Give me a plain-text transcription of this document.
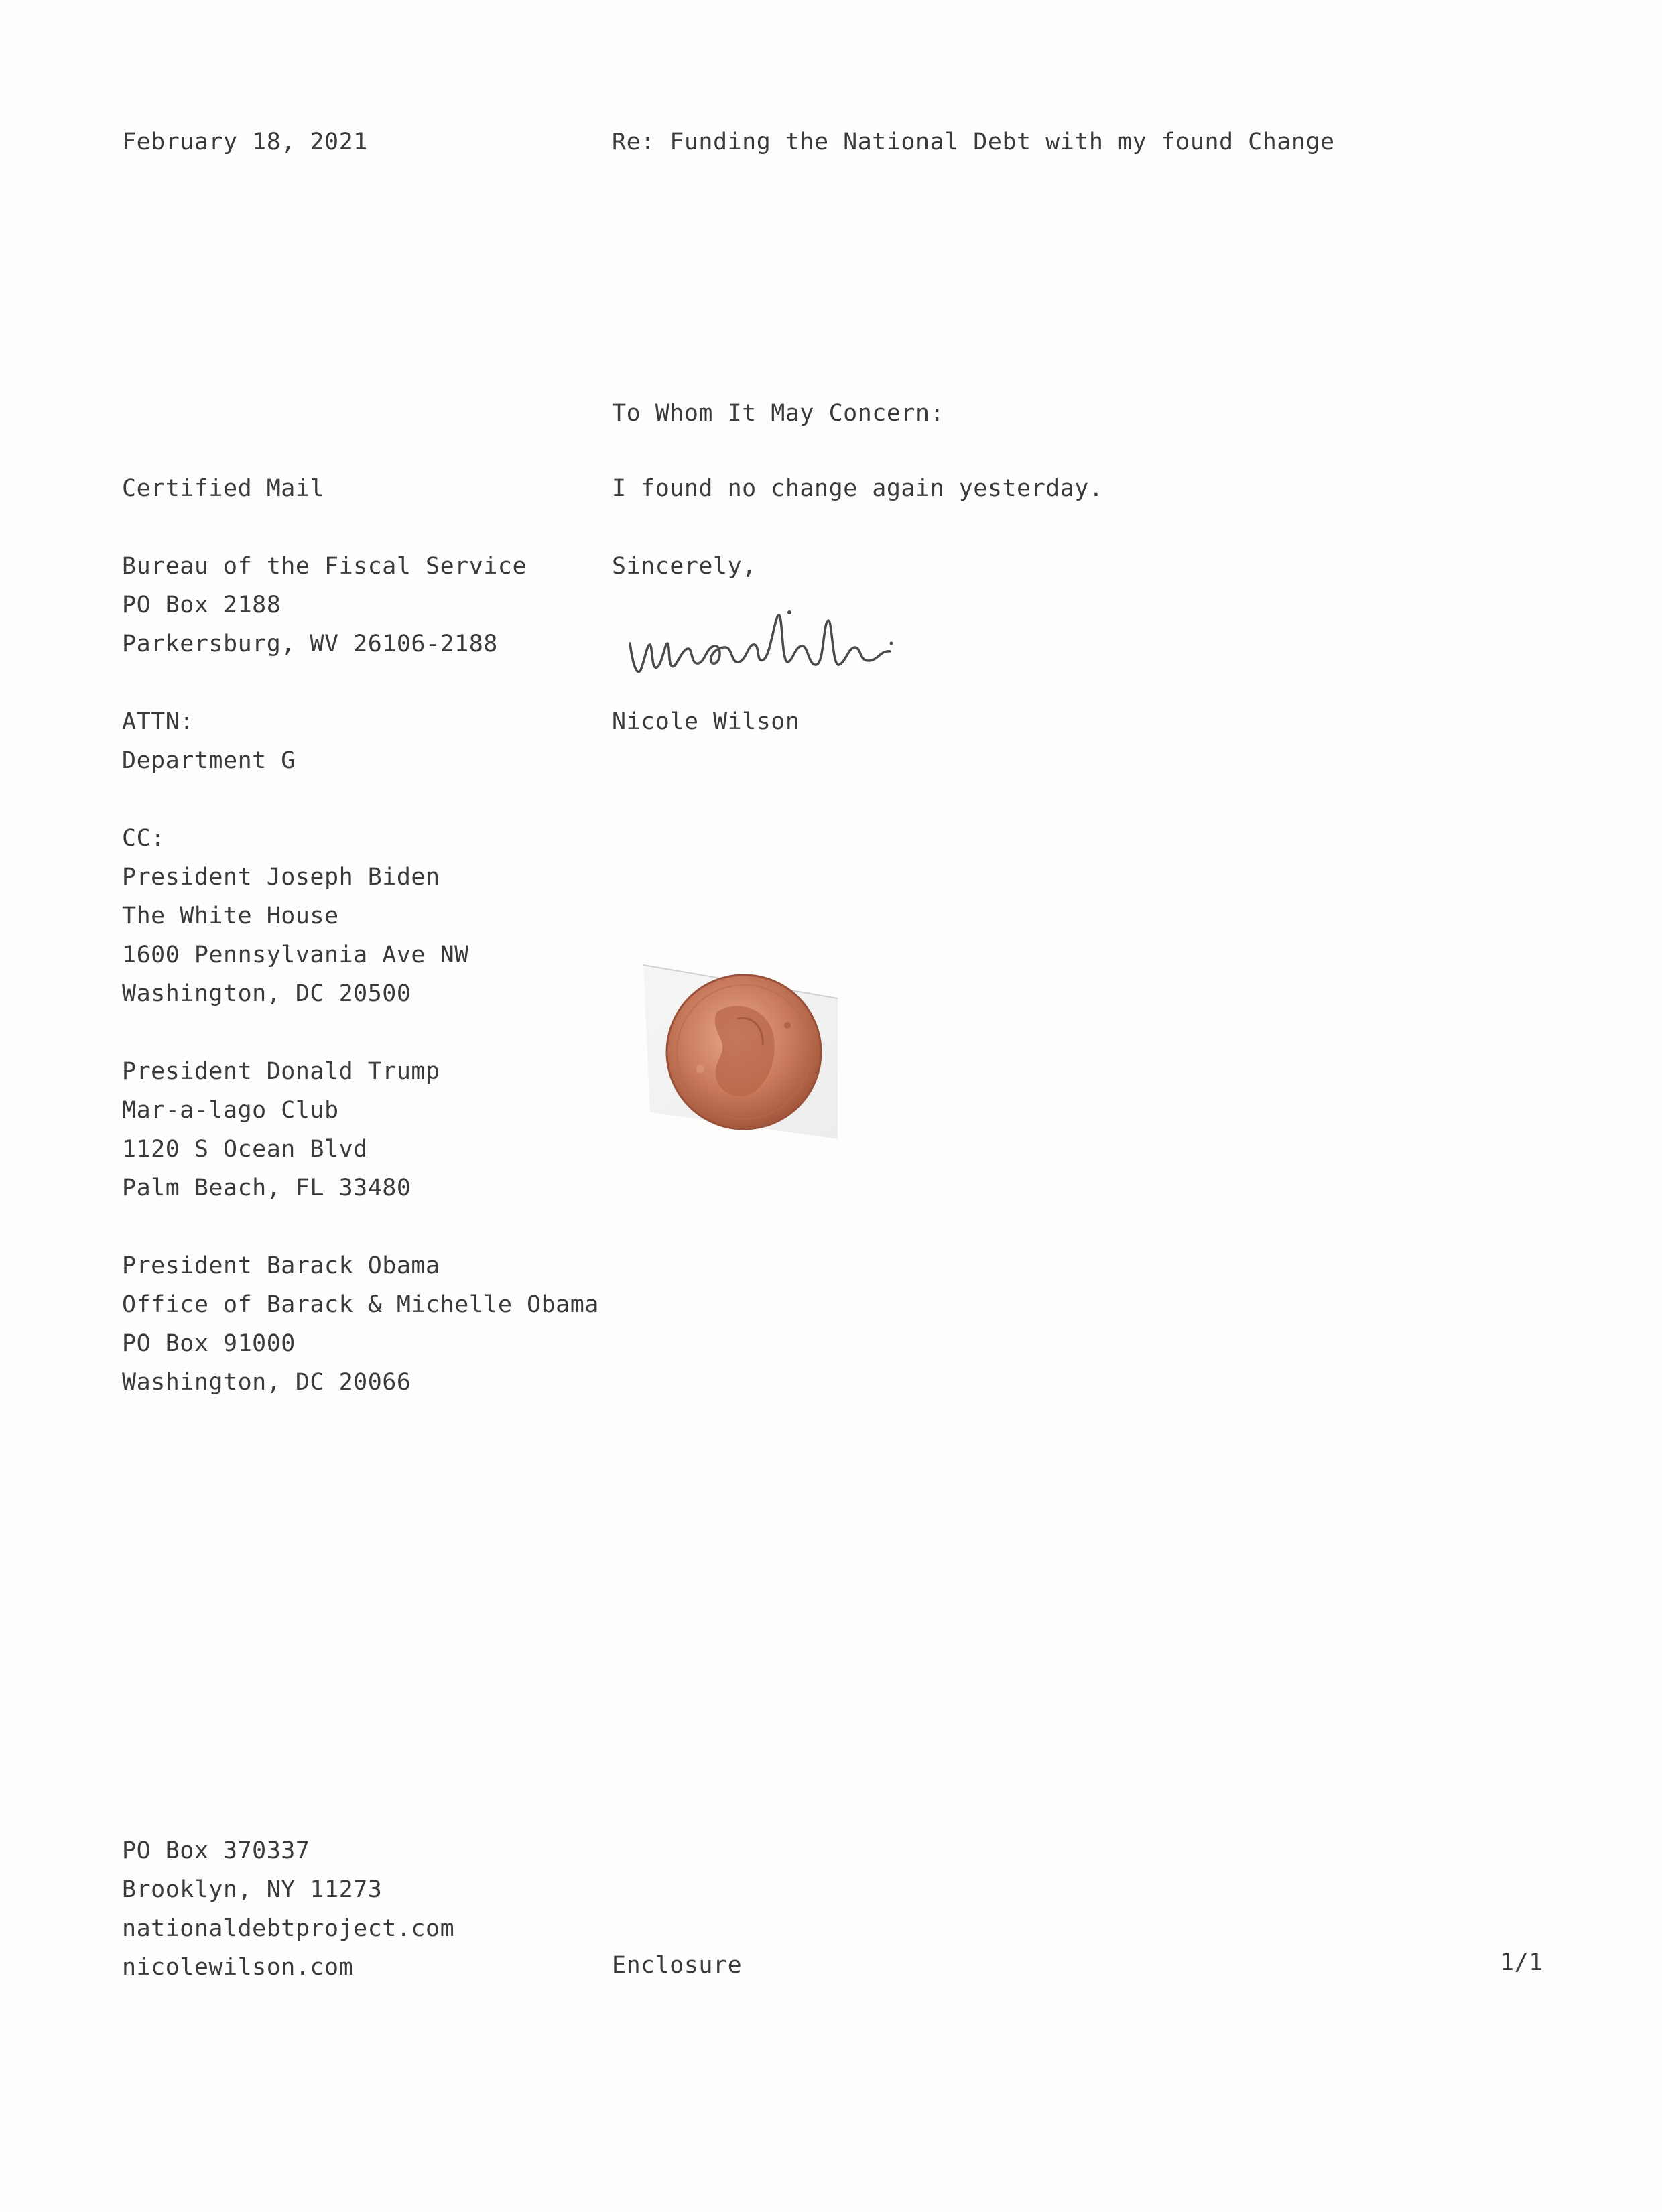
February 18, 2021
Certified Mail
Bureau of the Fiscal Service
PO Box 2188
Parkersburg, WV 26106-2188
ATTN:
Department G
CC:
President Joseph Biden
The White House
1600 Pennsylvania Ave NW
Washington, DC 20500
President Donald Trump
Mar-a-lago Club
1120 S Ocean Blvd
Palm Beach, FL 33480
President Barack Obama
Office of Barack & Michelle Obama
PO Box 91000
Washington, DC 20066
PO Box 370337
Brooklyn, NY 11273
nationaldebtproject.com
nicolewilson.com
Re: Funding the National Debt with my found Change
To Whom It May Concern:
I found no change again yesterday.
Sincerely,
Nicole Wilson
Enclosure	1/1
